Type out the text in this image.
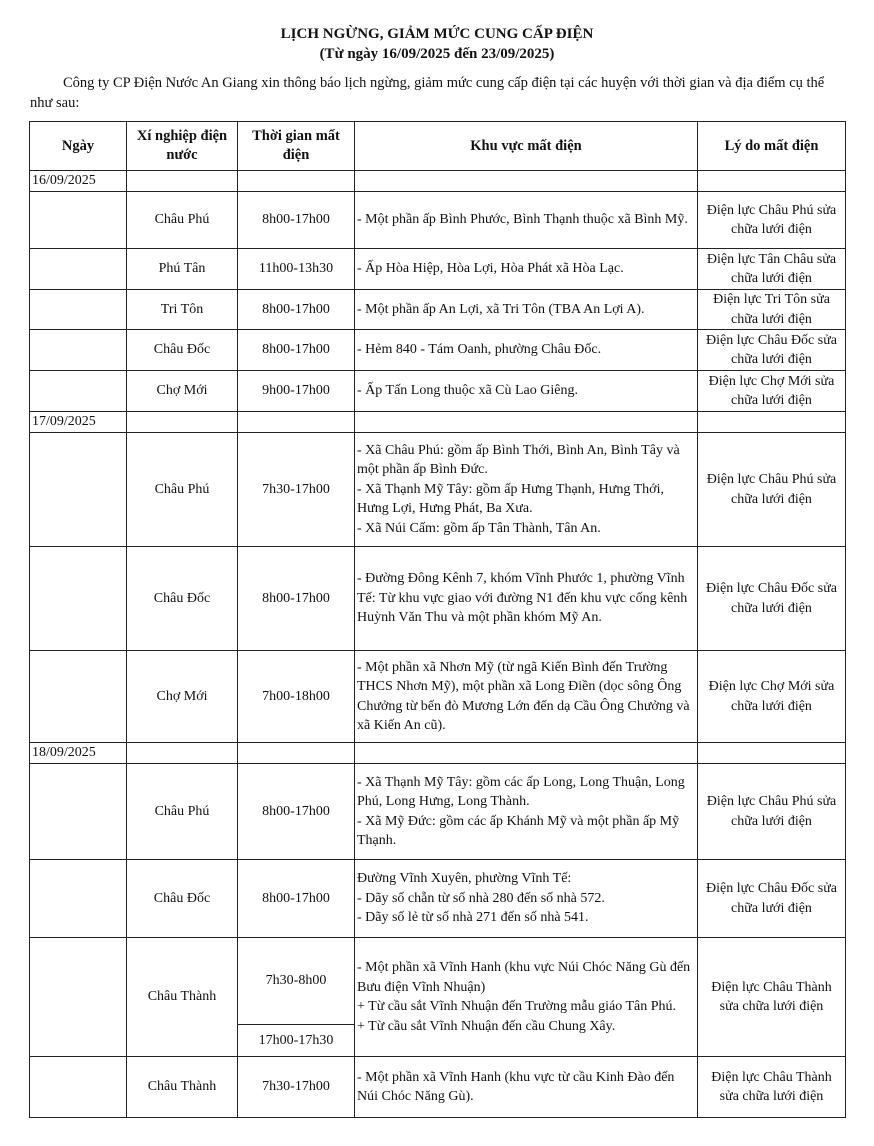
LỊCH NGỪNG, GIẢM MỨC CUNG CẤP ĐIỆN
(Từ ngày 16/09/2025 đến 23/09/2025)
Công ty CP Điện Nước An Giang xin thông báo lịch ngừng, giảm mức cung cấp điện tại các huyện với thời gian và địa điểm cụ thể như sau:
Ngày	Xí nghiệp điện nước	Thời gian mất điện	Khu vực mất điện	Lý do mất điện
16/09/2025				
	Châu Phú	8h00-17h00	- Một phần ấp Bình Phước, Bình Thạnh thuộc xã Bình Mỹ.	Điện lực Châu Phú sửa chữa lưới điện
	Phú Tân	11h00-13h30	- Ấp Hòa Hiệp, Hòa Lợi, Hòa Phát xã Hòa Lạc.	Điện lực Tân Châu sửa chữa lưới điện
	Tri Tôn	8h00-17h00	- Một phần ấp An Lợi, xã Tri Tôn (TBA An Lợi A).	Điện lực Tri Tôn sửa chữa lưới điện
	Châu Đốc	8h00-17h00	- Hẻm 840 - Tám Oanh, phường Châu Đốc.	Điện lực Châu Đốc sửa chữa lưới điện
	Chợ Mới	9h00-17h00	- Ấp Tấn Long thuộc xã Cù Lao Giêng.	Điện lực Chợ Mới sửa chữa lưới điện
17/09/2025				
	Châu Phú	7h30-17h00	- Xã Châu Phú: gồm ấp Bình Thới, Bình An, Bình Tây và một phần ấp Bình Đức.
- Xã Thạnh Mỹ Tây: gồm ấp Hưng Thạnh, Hưng Thới, Hưng Lợi, Hưng Phát, Ba Xưa.
- Xã Núi Cấm: gồm ấp Tân Thành, Tân An.	Điện lực Châu Phú sửa chữa lưới điện
	Châu Đốc	8h00-17h00	- Đường Đông Kênh 7, khóm Vĩnh Phước 1, phường Vĩnh Tế: Từ khu vực giao với đường N1 đến khu vực cống kênh Huỳnh Văn Thu và một phần khóm Mỹ An.	Điện lực Châu Đốc sửa chữa lưới điện
	Chợ Mới	7h00-18h00	- Một phần xã Nhơn Mỹ (từ ngã Kiến Bình đến Trường THCS Nhơn Mỹ), một phần xã Long Điền (dọc sông Ông Chưởng từ bến đò Mương Lớn đến dạ Cầu Ông Chưởng và xã Kiến An cũ).	Điện lực Chợ Mới sửa chữa lưới điện
18/09/2025				
	Châu Phú	8h00-17h00	- Xã Thạnh Mỹ Tây: gồm các ấp Long, Long Thuận, Long Phú, Long Hưng, Long Thành.
- Xã Mỹ Đức: gồm các ấp Khánh Mỹ và một phần ấp Mỹ Thạnh.	Điện lực Châu Phú sửa chữa lưới điện
	Châu Đốc	8h00-17h00	Đường Vĩnh Xuyên, phường Vĩnh Tế:
- Dãy số chẵn từ số nhà 280 đến số nhà 572.
- Dãy số lẻ từ số nhà 271 đến số nhà 541.	Điện lực Châu Đốc sửa chữa lưới điện
	Châu Thành	7h30-8h00	- Một phần xã Vĩnh Hanh (khu vực Núi Chóc Năng Gù đến Bưu điện Vĩnh Nhuận)
+ Từ cầu sắt Vĩnh Nhuận đến Trường mẫu giáo Tân Phú.
+ Từ cầu sắt Vĩnh Nhuận đến cầu Chung Xây.	Điện lực Châu Thành sửa chữa lưới điện
		17h00-17h30		
	Châu Thành	7h30-17h00	- Một phần xã Vĩnh Hanh (khu vực từ cầu Kinh Đào đến Núi Chóc Năng Gù).	Điện lực Châu Thành sửa chữa lưới điện
